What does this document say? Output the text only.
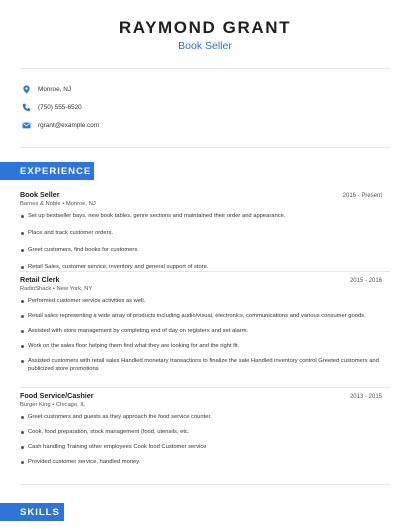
RAYMOND GRANT
Book Seller
Monroe, NJ
(750) 555-6520
rgrant@example.com
EXPERIENCE
Book Seller	2016 - Present
Barnes & Noble • Monroe, NJ
Set up bestseller bays, new book tables, genre sections and maintained their order and appearance.
Place and track customer orders.
Greet customers, find books for customers.
Retail Sales, customer service, inventory and general support of store.
Retail Clerk	2015 - 2016
RadioShack • New York, NY
Performed customer service activities as well.
Retail sales representing a wide array of products including audio/visual, electronics, communications and various consumer goods.
Assisted with store management by completing end of day on registers and set alarm.
Work on the sales floor helping them find what they are looking for and the right fit.
Assisted customers with retail sales Handled monetary transactions to finalize the sale Handled inventory control Greeted customers and publicized store promotions
Food Service/Cashier	2013 - 2015
Burger King • Chicago, IL
Greet customers and guests as they approach the food service counter.
Cook, food preparation, stock management (food, utensils, etc.
Cash handling Training other employees Cook food Customer service
Provided customer service, handled money.
SKILLS
